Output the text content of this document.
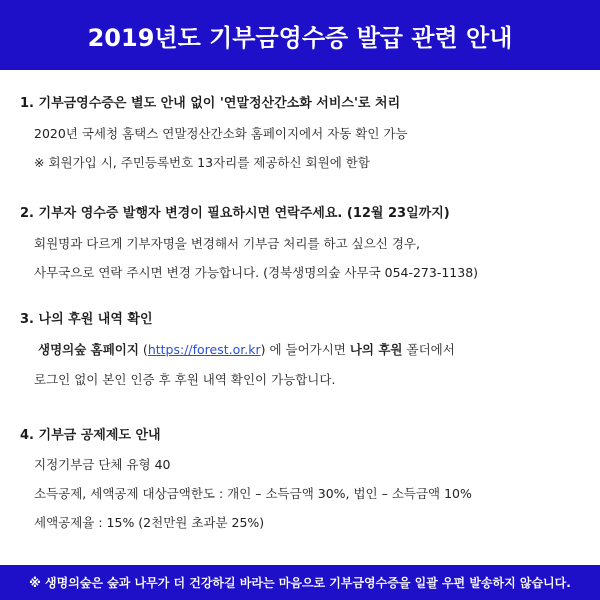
2019년도 기부금영수증 발급 관련 안내
1. 기부금영수증은 별도 안내 없이 '연말정산간소화 서비스'로 처리
2020년 국세청 홈택스 연말정산간소화 홈페이지에서 자동 확인 가능
※ 회원가입 시, 주민등록번호 13자리를 제공하신 회원에 한함
2. 기부자 영수증 발행자 변경이 필요하시면 연락주세요. (12월 23일까지)
회원명과 다르게 기부자명을 변경해서 기부금 처리를 하고 싶으신 경우,
사무국으로 연락 주시면 변경 가능합니다. (경북생명의숲 사무국 054-273-1138)
3. 나의 후원 내역 확인
생명의숲 홈페이지 (https://forest.or.kr) 에 들어가시면 나의 후원 폴더에서
로그인 없이 본인 인증 후 후원 내역 확인이 가능합니다.
4. 기부금 공제제도 안내
지정기부금 단체 유형 40
소득공제, 세액공제 대상금액한도 : 개인 – 소득금액 30%, 법인 – 소득금액 10%
세액공제율 : 15% (2천만원 초과분 25%)
※ 생명의숲은 숲과 나무가 더 건강하길 바라는 마음으로 기부금영수증을 일괄 우편 발송하지 않습니다.
